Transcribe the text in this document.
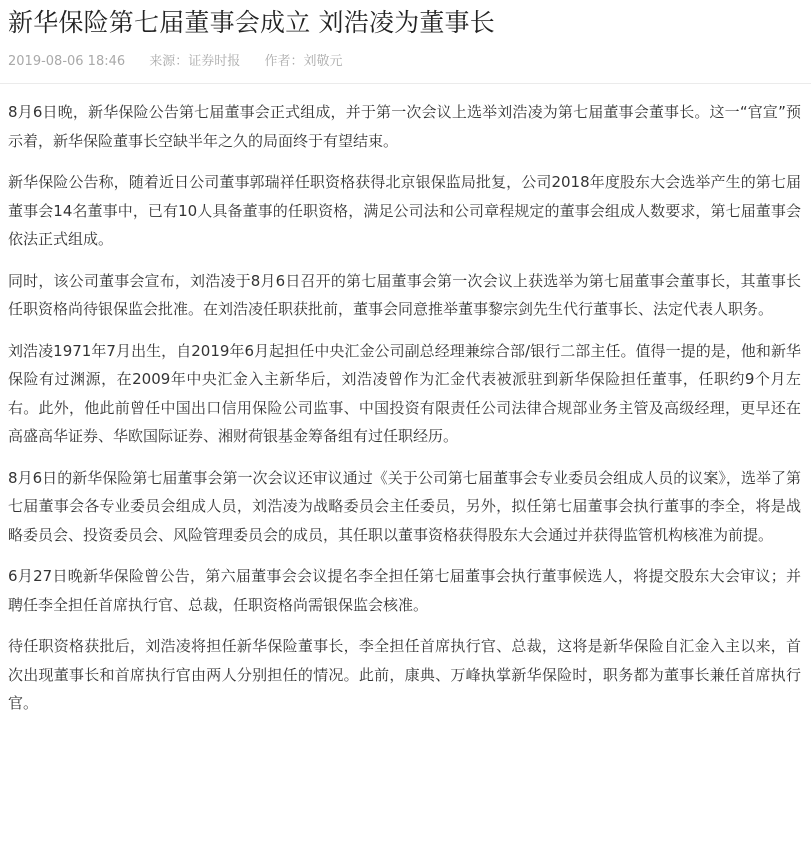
新华保险第七届董事会成立 刘浩凌为董事长
2019-08-06 18:46 来源：证券时报 作者：刘敬元

8月6日晚，新华保险公告第七届董事会正式组成，并于第一次会议上选举刘浩凌为第七届董事会董事长。这一“官宣”预示着，新华保险董事长空缺半年之久的局面终于有望结束。

新华保险公告称，随着近日公司董事郭瑞祥任职资格获得北京银保监局批复，公司2018年度股东大会选举产生的第七届董事会14名董事中，已有10人具备董事的任职资格，满足公司法和公司章程规定的董事会组成人数要求，第七届董事会依法正式组成。

同时，该公司董事会宣布，刘浩凌于8月6日召开的第七届董事会第一次会议上获选举为第七届董事会董事长，其董事长任职资格尚待银保监会批准。在刘浩凌任职获批前，董事会同意推举董事黎宗剑先生代行董事长、法定代表人职务。

刘浩凌1971年7月出生，自2019年6月起担任中央汇金公司副总经理兼综合部/银行二部主任。值得一提的是，他和新华保险有过渊源，在2009年中央汇金入主新华后，刘浩凌曾作为汇金代表被派驻到新华保险担任董事，任职约9个月左右。此外，他此前曾任中国出口信用保险公司监事、中国投资有限责任公司法律合规部业务主管及高级经理，更早还在高盛高华证券、华欧国际证券、湘财荷银基金筹备组有过任职经历。

8月6日的新华保险第七届董事会第一次会议还审议通过《关于公司第七届董事会专业委员会组成人员的议案》，选举了第七届董事会各专业委员会组成人员，刘浩凌为战略委员会主任委员，另外，拟任第七届董事会执行董事的李全，将是战略委员会、投资委员会、风险管理委员会的成员，其任职以董事资格获得股东大会通过并获得监管机构核准为前提。

6月27日晚新华保险曾公告，第六届董事会会议提名李全担任第七届董事会执行董事候选人，将提交股东大会审议；并聘任李全担任首席执行官、总裁，任职资格尚需银保监会核准。

待任职资格获批后，刘浩凌将担任新华保险董事长，李全担任首席执行官、总裁，这将是新华保险自汇金入主以来，首次出现董事长和首席执行官由两人分别担任的情况。此前，康典、万峰执掌新华保险时，职务都为董事长兼任首席执行官。
